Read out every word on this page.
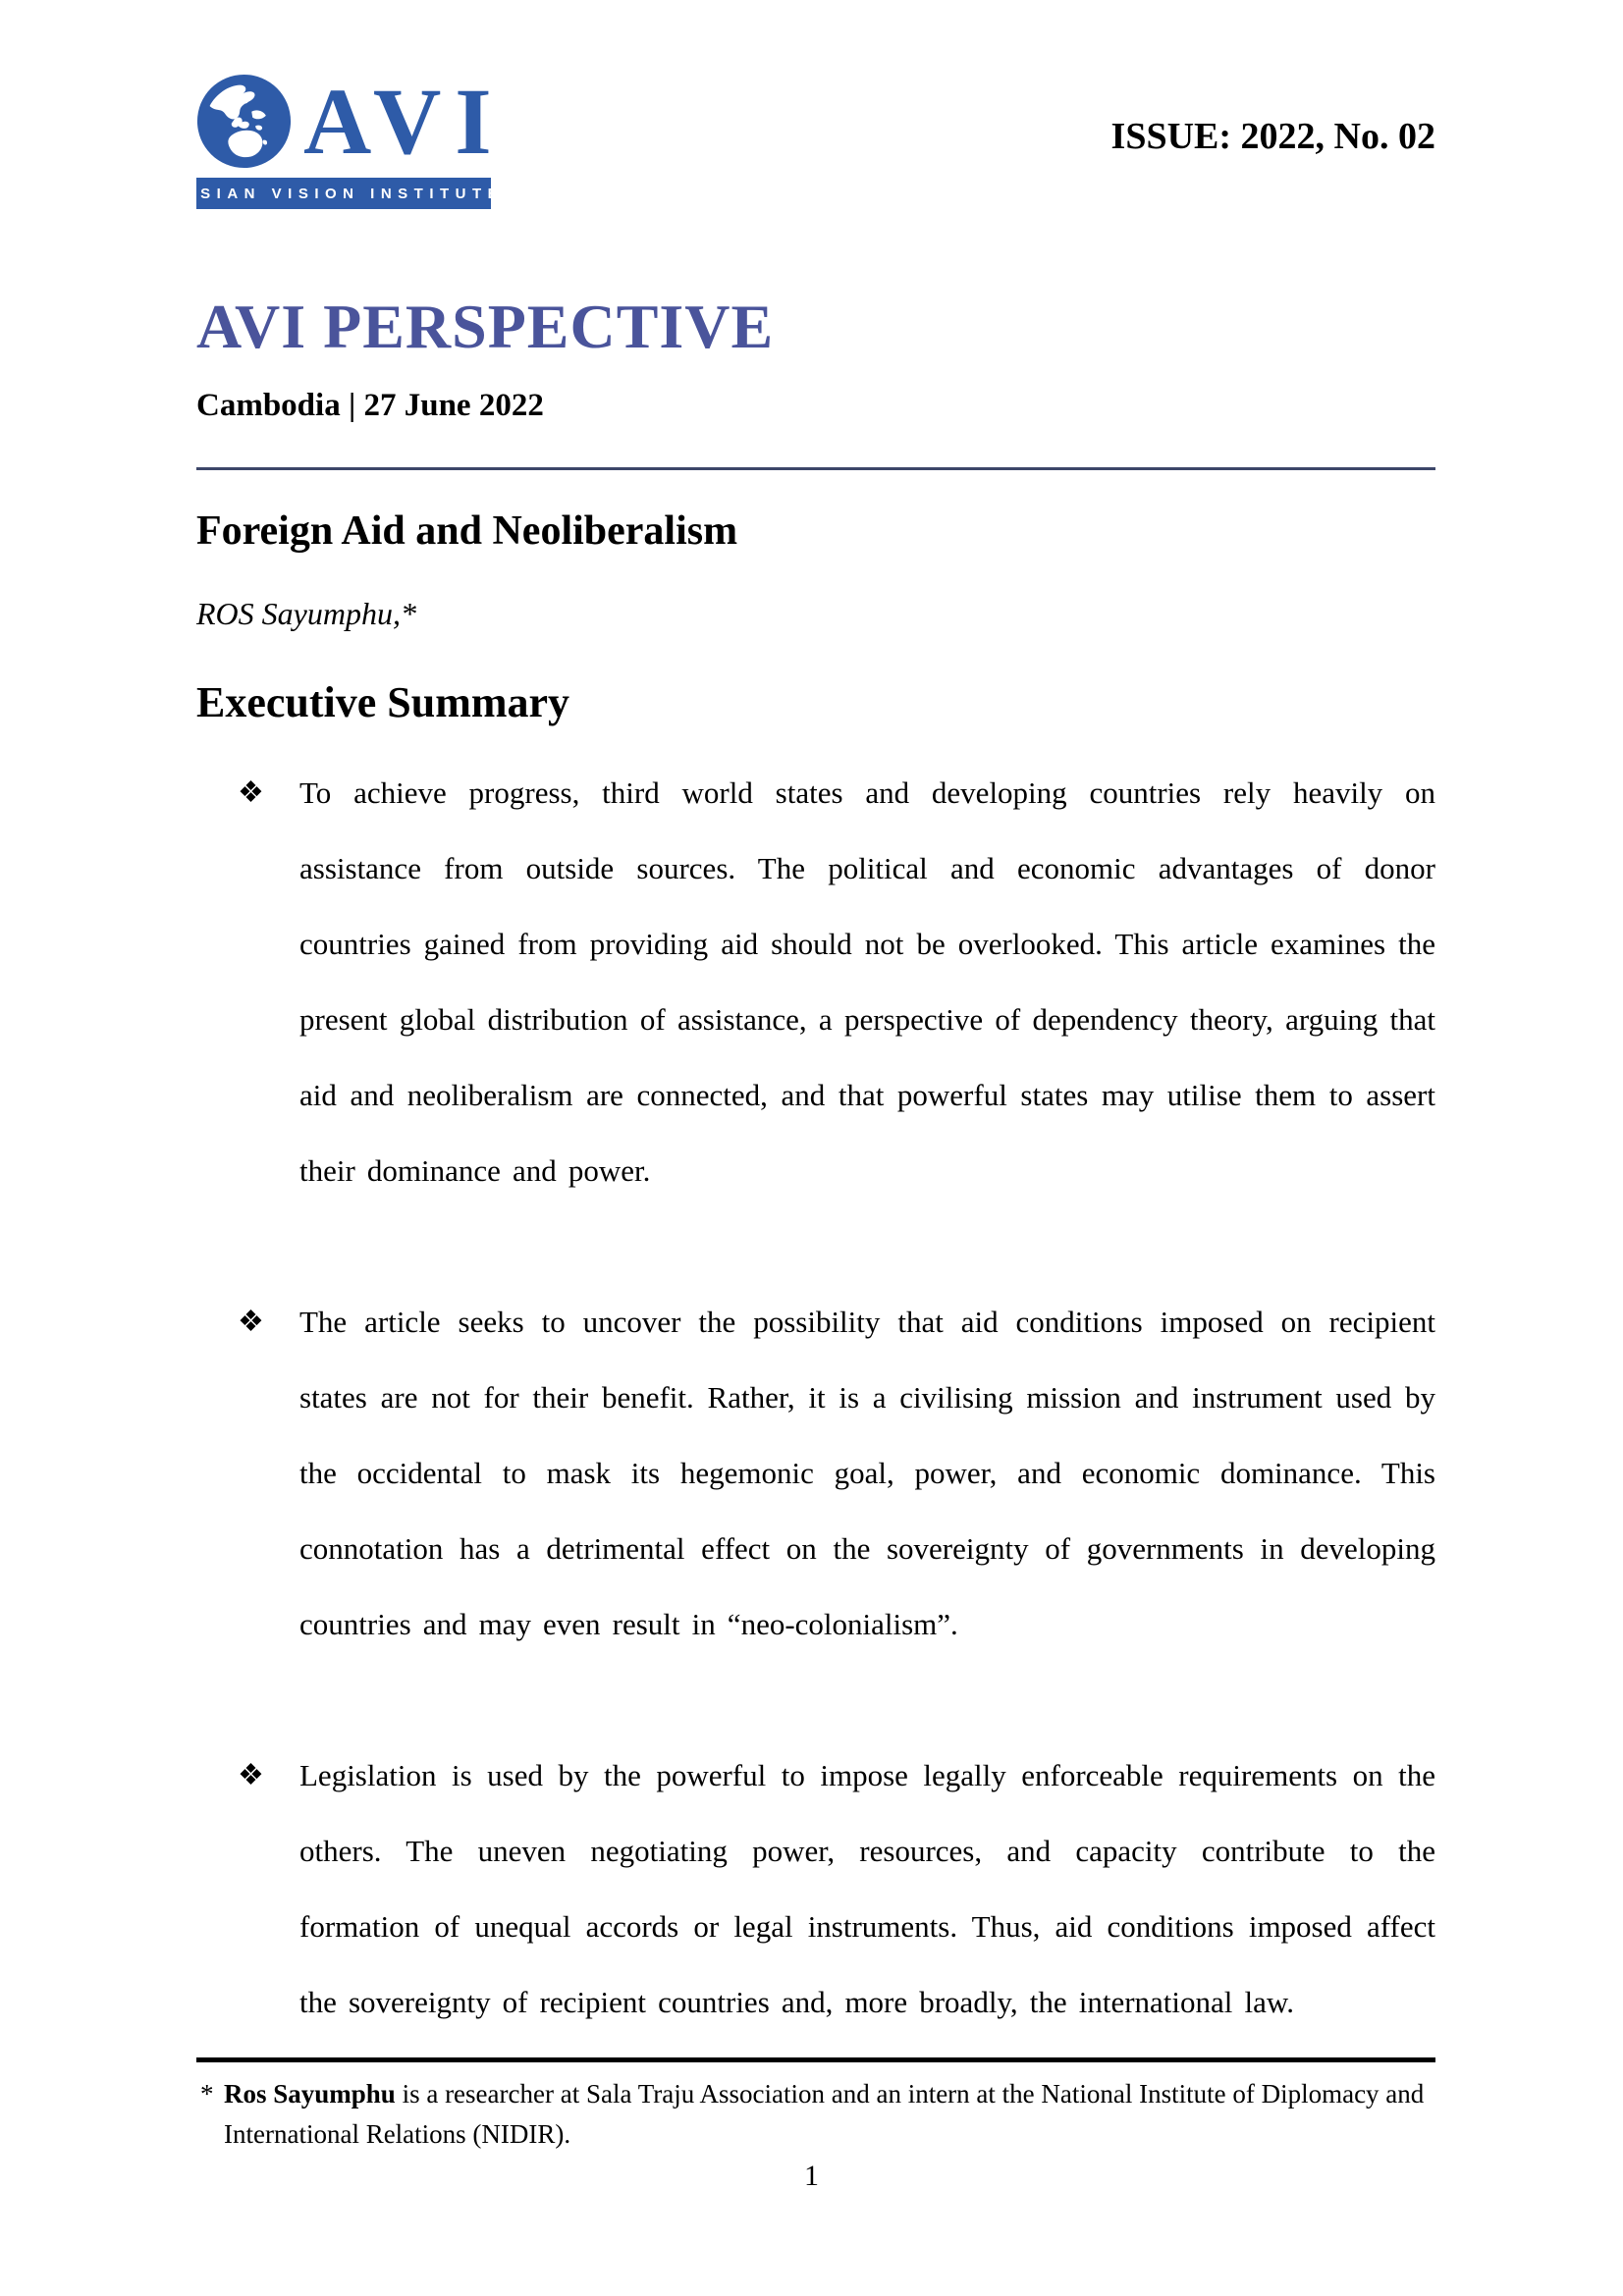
AVI
ASIAN VISION INSTITUTE
ISSUE: 2022, No. 02
AVI PERSPECTIVE
Cambodia | 27 June 2022
Foreign Aid and Neoliberalism
ROS Sayumphu,*
Executive Summary
❖ To achieve progress, third world states and developing countries rely heavily on assistance from outside sources. The political and economic advantages of donor countries gained from providing aid should not be overlooked. This article examines the present global distribution of assistance, a perspective of dependency theory, arguing that aid and neoliberalism are connected, and that powerful states may utilise them to assert their dominance and power.
❖ The article seeks to uncover the possibility that aid conditions imposed on recipient states are not for their benefit. Rather, it is a civilising mission and instrument used by the occidental to mask its hegemonic goal, power, and economic dominance. This connotation has a detrimental effect on the sovereignty of governments in developing countries and may even result in “neo-colonialism”.
❖ Legislation is used by the powerful to impose legally enforceable requirements on the others. The uneven negotiating power, resources, and capacity contribute to the formation of unequal accords or legal instruments. Thus, aid conditions imposed affect the sovereignty of recipient countries and, more broadly, the international law.
* Ros Sayumphu is a researcher at Sala Traju Association and an intern at the National Institute of Diplomacy and International Relations (NIDIR).
1
